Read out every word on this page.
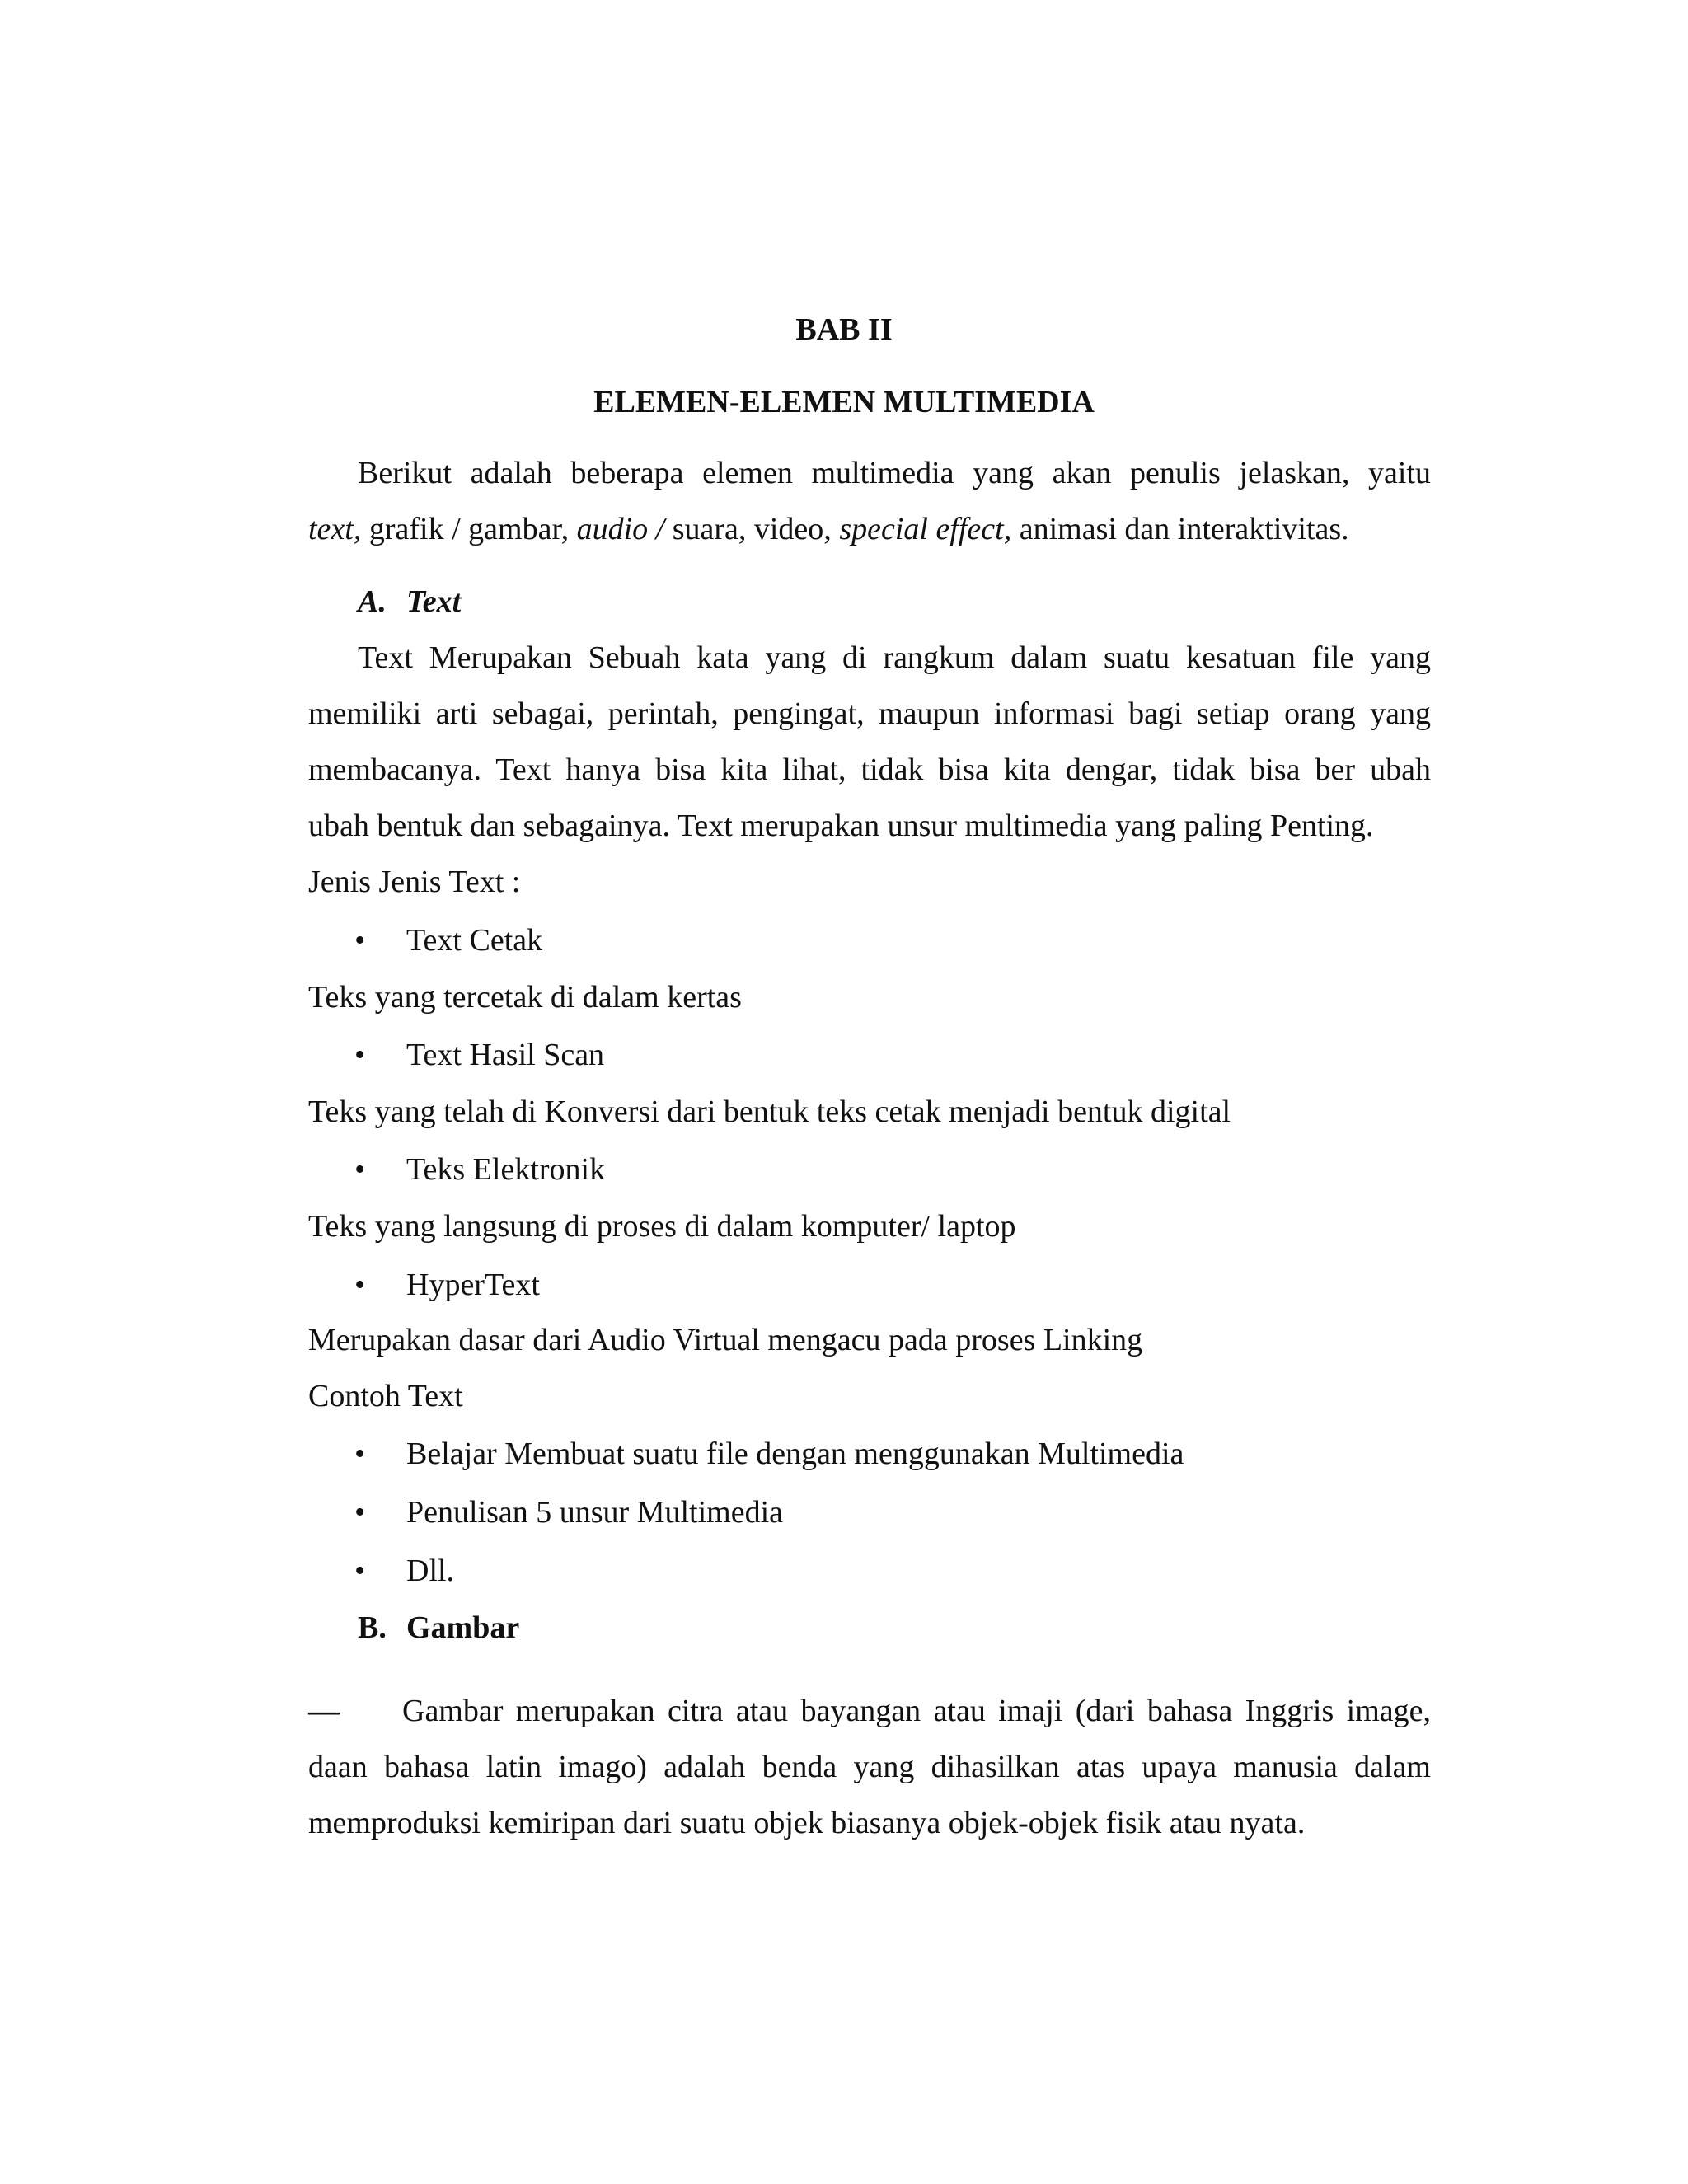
BAB II
ELEMEN-ELEMEN MULTIMEDIA
Berikut adalah beberapa elemen multimedia yang akan penulis jelaskan, yaitu
text, grafik / gambar, audio / suara, video, special effect, animasi dan interaktivitas.
A. Text
Text Merupakan Sebuah kata yang di rangkum dalam suatu kesatuan file yang
memiliki arti sebagai, perintah, pengingat, maupun informasi bagi setiap orang yang
membacanya. Text hanya bisa kita lihat, tidak bisa kita dengar, tidak bisa ber ubah
ubah bentuk dan sebagainya. Text merupakan unsur multimedia yang paling Penting.
Jenis Jenis Text :
• Text Cetak
Teks yang tercetak di dalam kertas
• Text Hasil Scan
Teks yang telah di Konversi dari bentuk teks cetak menjadi bentuk digital
• Teks Elektronik
Teks yang langsung di proses di dalam komputer/ laptop
• HyperText
Merupakan dasar dari Audio Virtual mengacu pada proses Linking
Contoh Text
• Belajar Membuat suatu file dengan menggunakan Multimedia
• Penulisan 5 unsur Multimedia
• Dll.
B. Gambar
— Gambar merupakan citra atau bayangan atau imaji (dari bahasa Inggris image,
daan bahasa latin imago) adalah benda yang dihasilkan atas upaya manusia dalam
memproduksi kemiripan dari suatu objek biasanya objek-objek fisik atau nyata.
